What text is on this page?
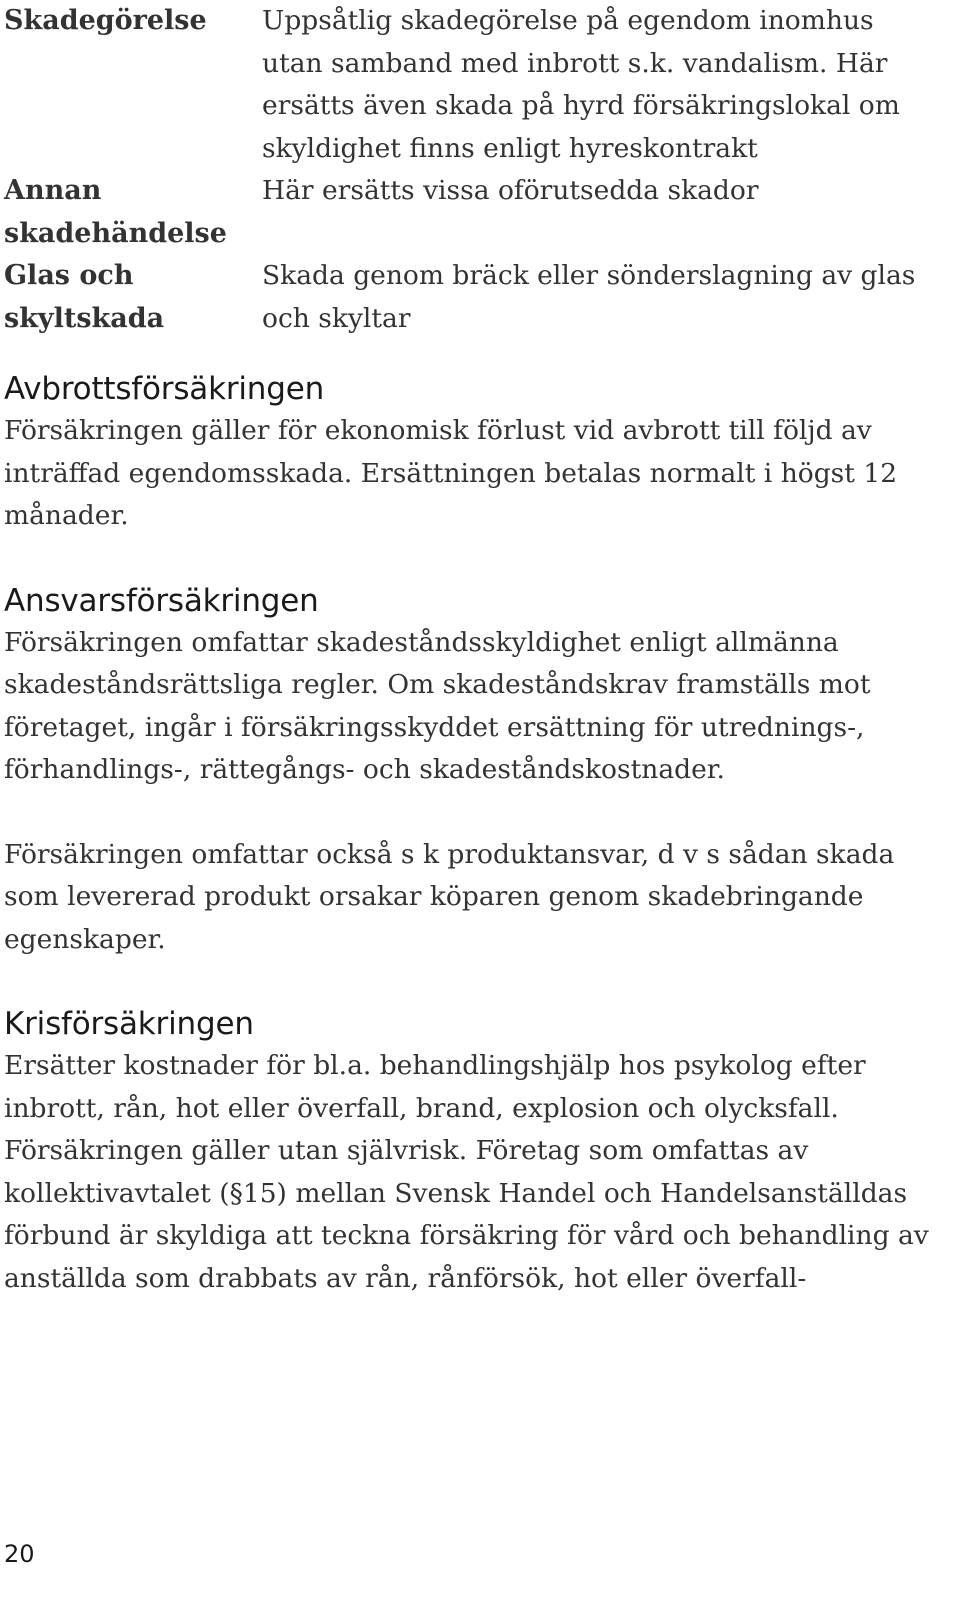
Skadegörelse	Uppsåtlig skadegörelse på egendom inomhus utan samband med inbrott s.k. vandalism. Här ersätts även skada på hyrd försäkringslokal om skyldighet finns enligt hyreskontrakt
Annan skadehändelse
Här ersätts vissa oförutsedda skador
Glas och skyltskada
Skada genom bräck eller sönderslagning av glas och skyltar
Avbrottsförsäkringen

Försäkringen gäller för ekonomisk förlust vid avbrott till följd av inträffad egendomsskada. Ersättningen betalas normalt i högst 12 månader.

Ansvarsförsäkringen

Försäkringen omfattar skadeståndsskyldighet enligt allmänna skadeståndsrättsliga regler. Om skadeståndskrav framställs mot företaget, ingår i försäkringsskyddet ersättning för utrednings-, förhandlings-, rättegångs- och skadeståndskostnader.

Försäkringen omfattar också s k produktansvar, d v s sådan skada som levererad produkt orsakar köparen genom skadebringande egenskaper.

Krisförsäkringen

Ersätter kostnader för bl.a. behandlingshjälp hos psykolog efter inbrott, rån, hot eller överfall, brand, explosion och olycksfall. Försäkringen gäller utan självrisk. Företag som omfattas av kollektivavtalet (§15) mellan Svensk Handel och Handelsanställdas förbund är skyldiga att teckna försäkring för vård och behandling av anställda som drabbats av rån, rånförsök, hot eller överfall-

20
